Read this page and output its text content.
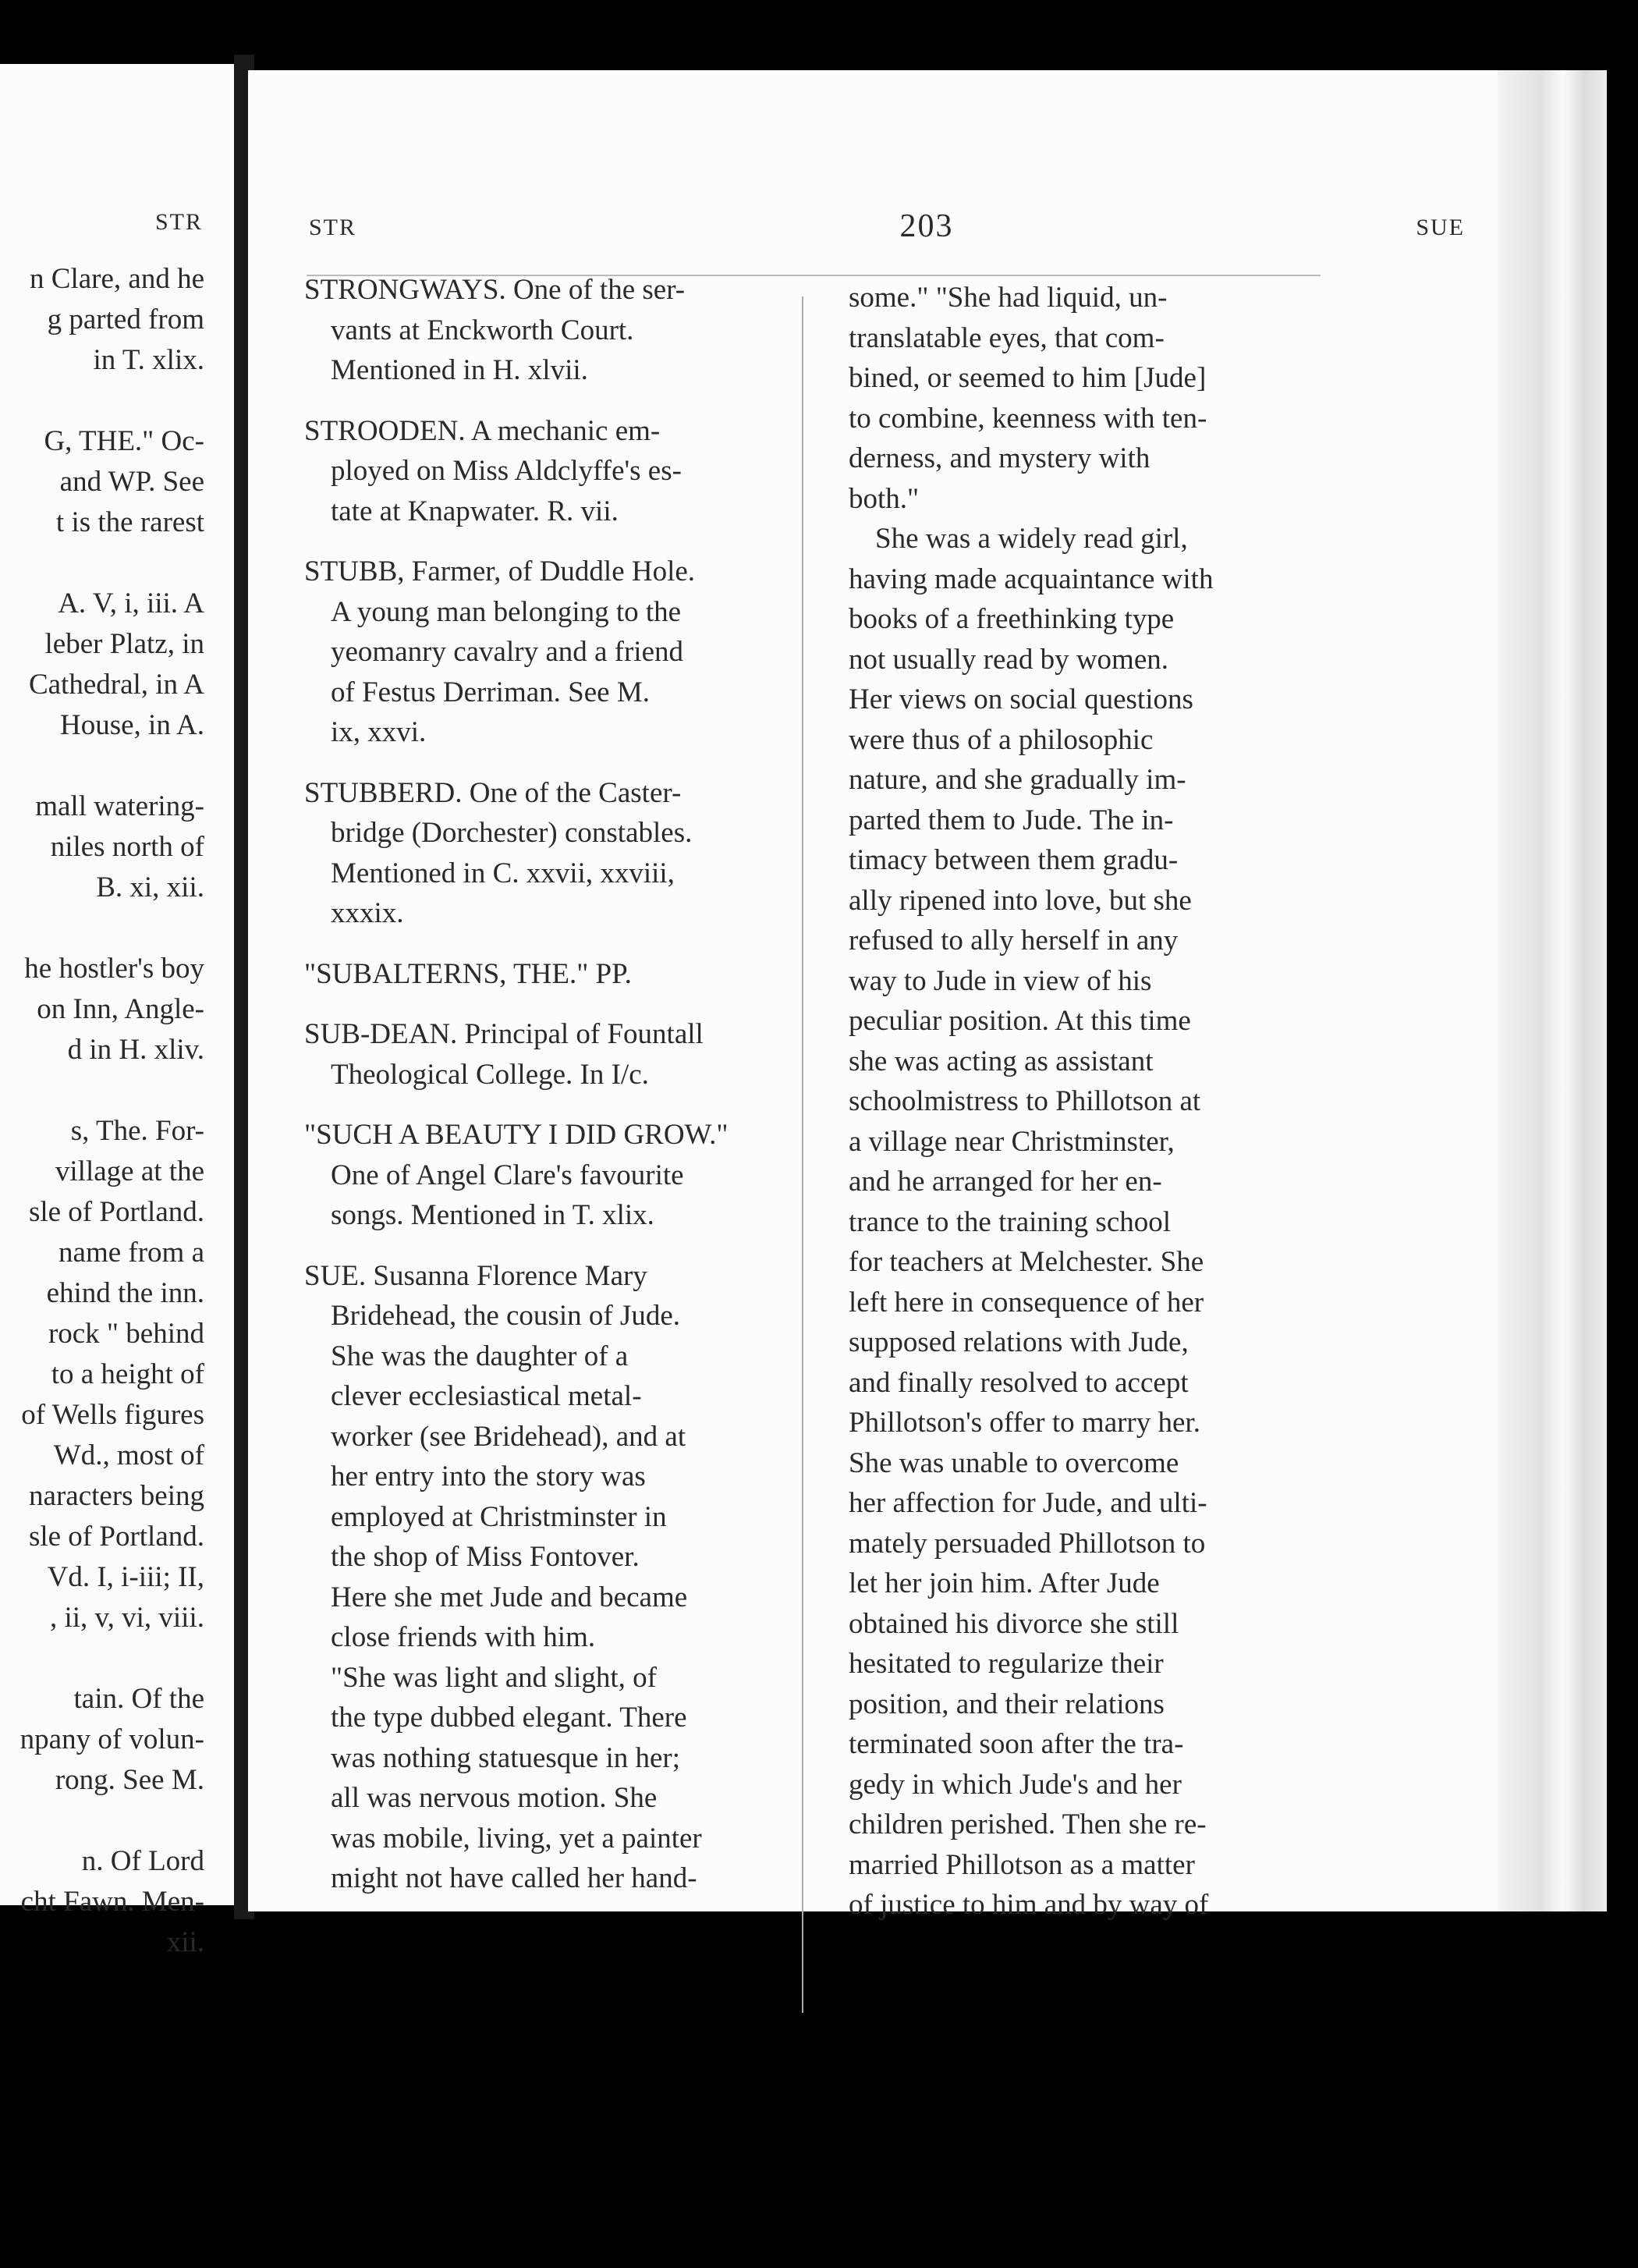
STR
n Clare, and he
g parted from
in T. xlix.
G, THE." Oc-
and WP. See
t is the rarest
A. V, i, iii. A
leber Platz, in
Cathedral, in A
House, in A.
mall watering-
niles north of
B. xi, xii.
he hostler's boy
on Inn, Angle-
d in H. xliv.
s, The. For-
village at the
sle of Portland.
name from a
ehind the inn.
rock " behind
to a height of
of Wells figures
Wd., most of
naracters being
sle of Portland.
Vd. I, i-iii; II,
, ii, v, vi, viii.
tain. Of the
npany of volun-
rong. See M.
n. Of Lord
cht Fawn. Men-
xii.
STR	203	SUE
STRONGWAYS. One of the ser-
vants at Enckworth Court.
Mentioned in H. xlvii.
STROODEN. A mechanic em-
ployed on Miss Aldclyffe's es-
tate at Knapwater. R. vii.
STUBB, Farmer, of Duddle Hole.
A young man belonging to the
yeomanry cavalry and a friend
of Festus Derriman. See M.
ix, xxvi.
STUBBERD. One of the Caster-
bridge (Dorchester) constables.
Mentioned in C. xxvii, xxviii,
xxxix.
"SUBALTERNS, THE." PP.
SUB-DEAN. Principal of Fountall
Theological College. In I/c.
"SUCH A BEAUTY I DID GROW."
One of Angel Clare's favourite
songs. Mentioned in T. xlix.
SUE. Susanna Florence Mary
Bridehead, the cousin of Jude.
She was the daughter of a
clever ecclesiastical metal-
worker (see Bridehead), and at
her entry into the story was
employed at Christminster in
the shop of Miss Fontover.
Here she met Jude and became
close friends with him.
"She was light and slight, of
the type dubbed elegant. There
was nothing statuesque in her;
all was nervous motion. She
was mobile, living, yet a painter
might not have called her hand-
some." "She had liquid, un-
translatable eyes, that com-
bined, or seemed to him [Jude]
to combine, keenness with ten-
derness, and mystery with
both."
She was a widely read girl,
having made acquaintance with
books of a freethinking type
not usually read by women.
Her views on social questions
were thus of a philosophic
nature, and she gradually im-
parted them to Jude. The in-
timacy between them gradu-
ally ripened into love, but she
refused to ally herself in any
way to Jude in view of his
peculiar position. At this time
she was acting as assistant
schoolmistress to Phillotson at
a village near Christminster,
and he arranged for her en-
trance to the training school
for teachers at Melchester. She
left here in consequence of her
supposed relations with Jude,
and finally resolved to accept
Phillotson's offer to marry her.
She was unable to overcome
her affection for Jude, and ulti-
mately persuaded Phillotson to
let her join him. After Jude
obtained his divorce she still
hesitated to regularize their
position, and their relations
terminated soon after the tra-
gedy in which Jude's and her
children perished. Then she re-
married Phillotson as a matter
of justice to him and by way of
